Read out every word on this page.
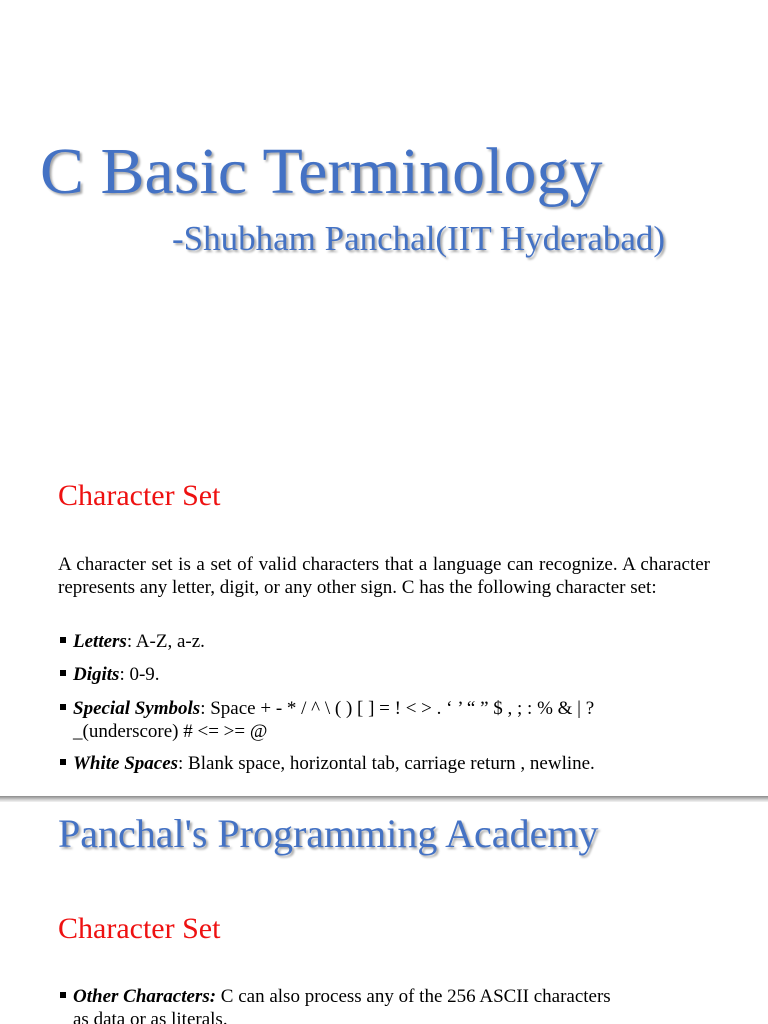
C Basic Terminology
-Shubham Panchal(IIT Hyderabad)
Character Set

A character set is a set of valid characters that a language can recognize. A character represents any letter, digit, or any other sign. C has the following character set:

Letters: A-Z, a-z.
Digits: 0-9.
Special Symbols: Space + - * / ^ \ ( ) [ ] = ! < > . ‘ ’ “ ” $ , ; : % & | ?
_(underscore) # <= >= @
White Spaces: Blank space, horizontal tab, carriage return , newline.
Panchal's Programming Academy
Character Set
Other Characters: C can also process any of the 256 ASCII characters
as data or as literals.
